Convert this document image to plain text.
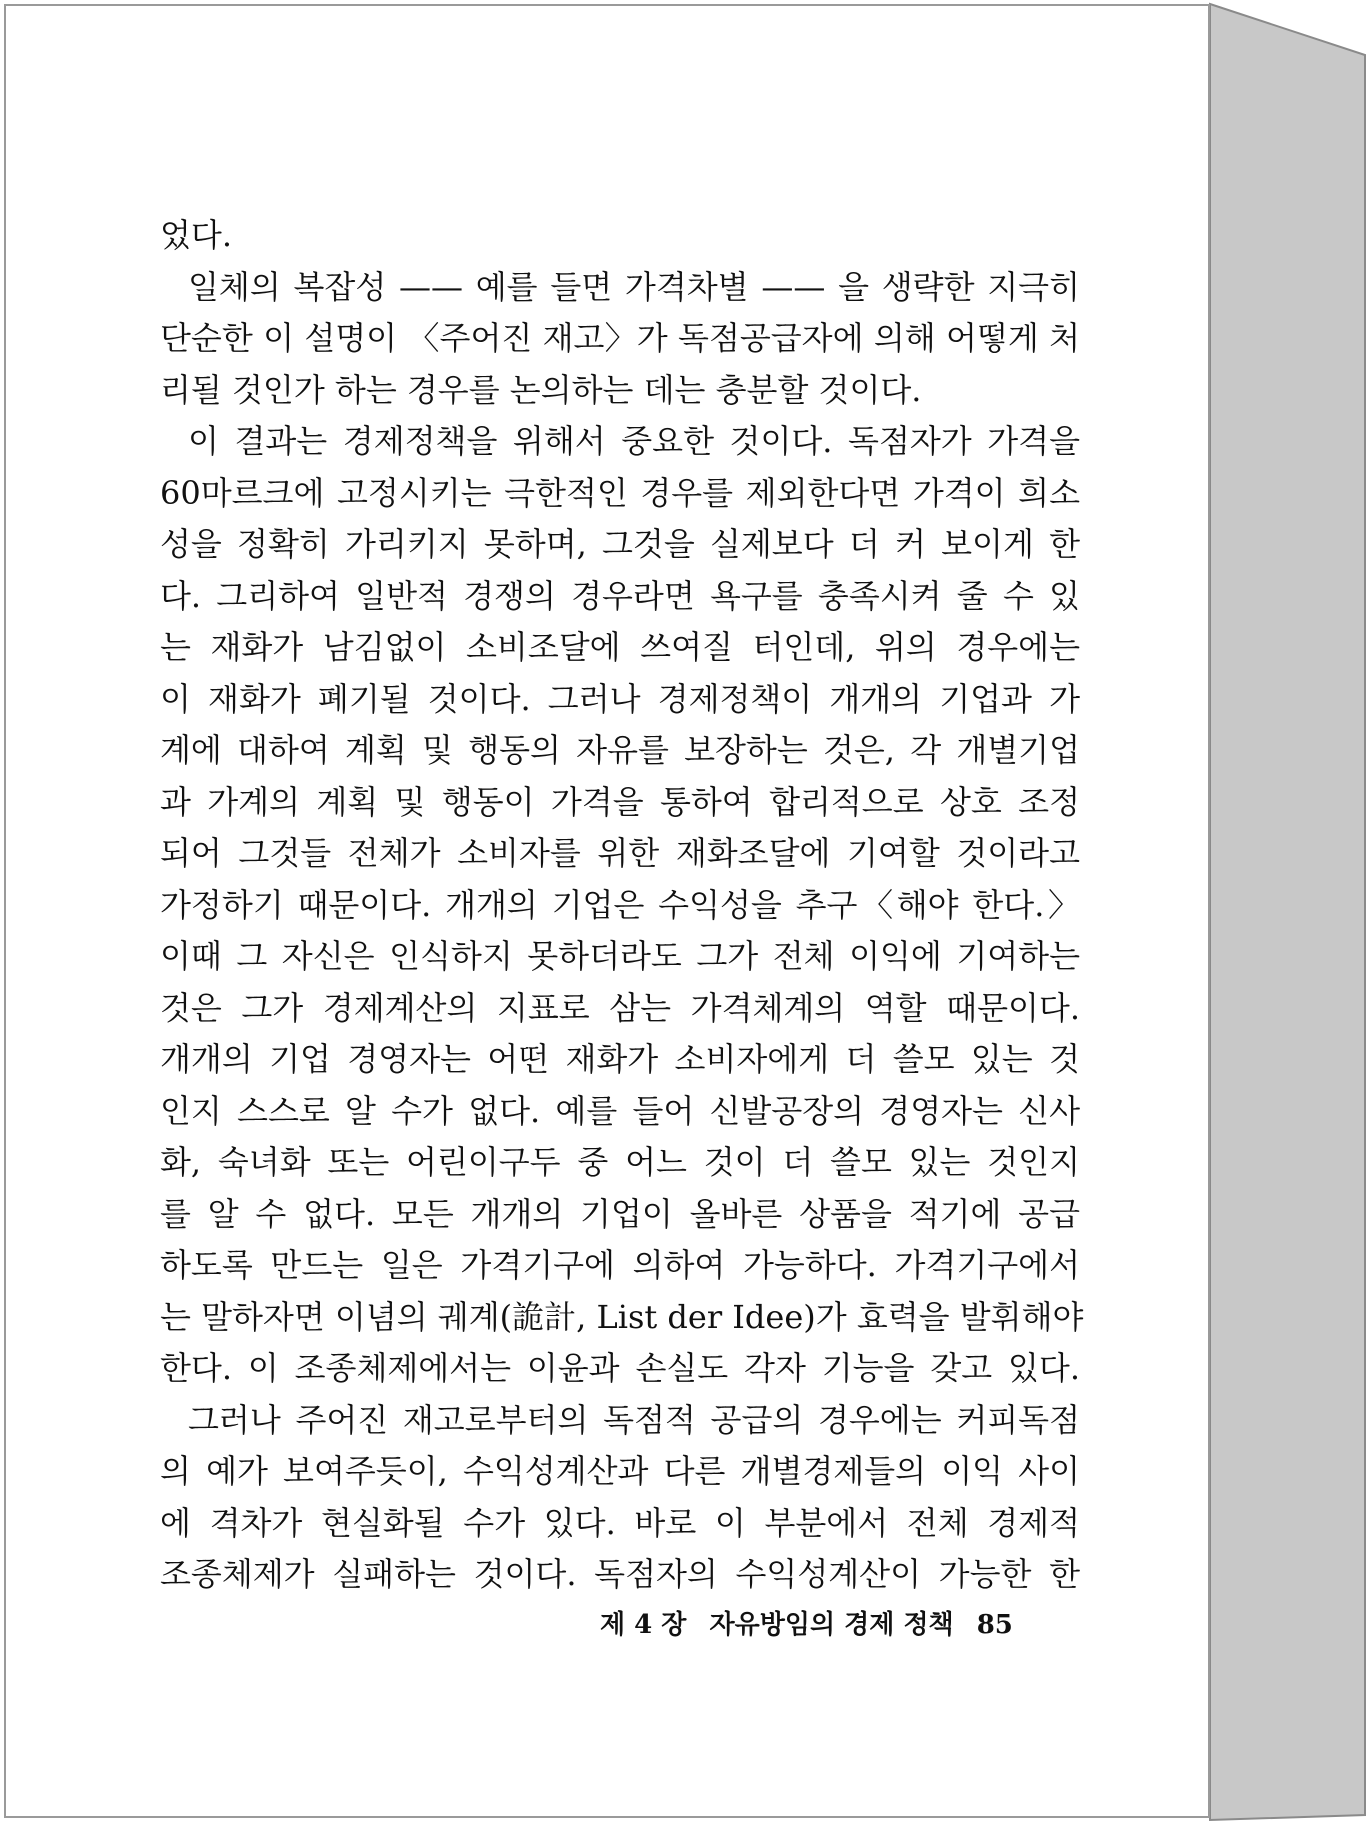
었다.
일체의 복잡성 —— 예를 들면 가격차별 —— 을 생략한 지극히
단순한 이 설명이 〈주어진 재고〉가 독점공급자에 의해 어떻게 처
리될 것인가 하는 경우를 논의하는 데는 충분할 것이다.
이 결과는 경제정책을 위해서 중요한 것이다. 독점자가 가격을
60마르크에 고정시키는 극한적인 경우를 제외한다면 가격이 희소
성을 정확히 가리키지 못하며, 그것을 실제보다 더 커 보이게 한
다. 그리하여 일반적 경쟁의 경우라면 욕구를 충족시켜 줄 수 있
는 재화가 남김없이 소비조달에 쓰여질 터인데, 위의 경우에는
이 재화가 폐기될 것이다. 그러나 경제정책이 개개의 기업과 가
계에 대하여 계획 및 행동의 자유를 보장하는 것은, 각 개별기업
과 가계의 계획 및 행동이 가격을 통하여 합리적으로 상호 조정
되어 그것들 전체가 소비자를 위한 재화조달에 기여할 것이라고
가정하기 때문이다. 개개의 기업은 수익성을 추구〈해야 한다.〉
이때 그 자신은 인식하지 못하더라도 그가 전체 이익에 기여하는
것은 그가 경제계산의 지표로 삼는 가격체계의 역할 때문이다.
개개의 기업 경영자는 어떤 재화가 소비자에게 더 쓸모 있는 것
인지 스스로 알 수가 없다. 예를 들어 신발공장의 경영자는 신사
화, 숙녀화 또는 어린이구두 중 어느 것이 더 쓸모 있는 것인지
를 알 수 없다. 모든 개개의 기업이 올바른 상품을 적기에 공급
하도록 만드는 일은 가격기구에 의하여 가능하다. 가격기구에서
는 말하자면 이념의 궤계(詭計, List der Idee)가 효력을 발휘해야
한다. 이 조종체제에서는 이윤과 손실도 각자 기능을 갖고 있다.
그러나 주어진 재고로부터의 독점적 공급의 경우에는 커피독점
의 예가 보여주듯이, 수익성계산과 다른 개별경제들의 이익 사이
에 격차가 현실화될 수가 있다. 바로 이 부분에서 전체 경제적
조종체제가 실패하는 것이다. 독점자의 수익성계산이 가능한 한
제 4 장 자유방임의 경제 정책 85
